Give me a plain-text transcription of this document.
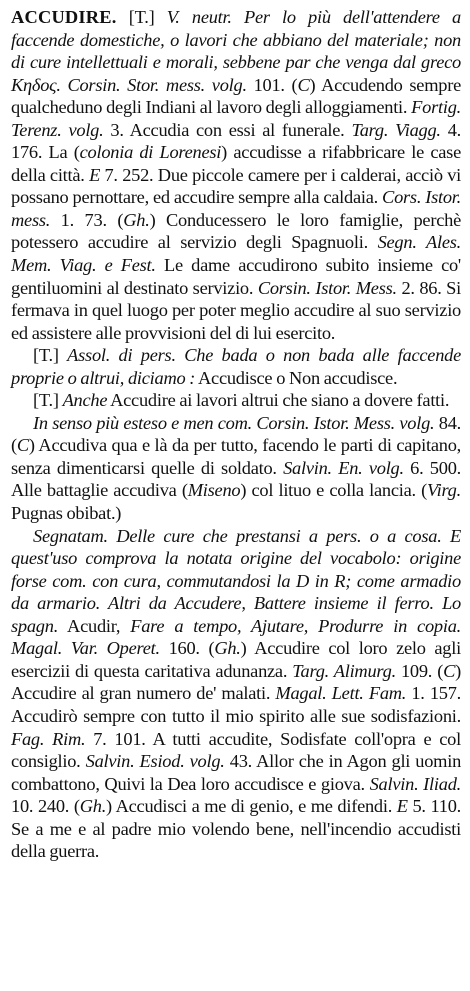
ACCUDIRE. [T.] V. neutr. Per lo più dell'attendere a faccende domestiche, o lavori che abbiano del materiale; non di cure intellettuali e morali, sebbene par che venga dal greco Κηδος. Corsin. Stor. mess. volg. 101. (C) Accudendo sempre qualcheduno degli Indiani al lavoro degli alloggiamenti. Fortig. Terenz. volg. 3. Accudia con essi al funerale. Targ. Viagg. 4. 176. La (colonia di Lorenesi) accudisse a rifabbricare le case della città. E 7. 252. Due piccole camere per i calderai, acciò vi possano pernottare, ed accudire sempre alla caldaia. Cors. Istor. mess. 1. 73. (Gh.) Conducessero le loro famiglie, perchè potessero accudire al servizio degli Spagnuoli. Segn. Ales. Mem. Viag. e Fest. Le dame accudirono subito insieme co' gentiluomini al destinato servizio. Corsin. Istor. Mess. 2. 86. Si fermava in quel luogo per poter meglio accudire al suo servizio ed assistere alle provvisioni del di lui esercito.

[T.] Assol. di pers. Che bada o non bada alle faccende proprie o altrui, diciamo : Accudisce o Non accudisce.

[T.] Anche Accudire ai lavori altrui che siano a dovere fatti.

In senso più esteso e men com. Corsin. Istor. Mess. volg. 84. (C) Accudiva qua e là da per tutto, facendo le parti di capitano, senza dimenticarsi quelle di soldato. Salvin. En. volg. 6. 500. Alle battaglie accudiva (Miseno) col lituo e colla lancia. (Virg. Pugnas obibat.)

Segnatam. Delle cure che prestansi a pers. o a cosa. E quest'uso comprova la notata origine del vocabolo: origine forse com. con cura, commutandosi la D in R; come armadio da armario. Altri da Accudere, Battere insieme il ferro. Lo spagn. Acudir, Fare a tempo, Ajutare, Produrre in copia. Magal. Var. Operet. 160. (Gh.) Accudire col loro zelo agli esercizii di questa caritativa adunanza. Targ. Alimurg. 109. (C) Accudire al gran numero de' malati. Magal. Lett. Fam. 1. 157. Accudirò sempre con tutto il mio spirito alle sue sodisfazioni. Fag. Rim. 7. 101. A tutti accudite, Sodisfate coll'opra e col consiglio. Salvin. Esiod. volg. 43. Allor che in Agon gli uomin combattono, Quivi la Dea loro accudisce e giova. Salvin. Iliad. 10. 240. (Gh.) Accudisci a me di genio, e me difendi. E 5. 110. Se a me e al padre mio volendo bene, nell'incendio accudisti della guerra.
